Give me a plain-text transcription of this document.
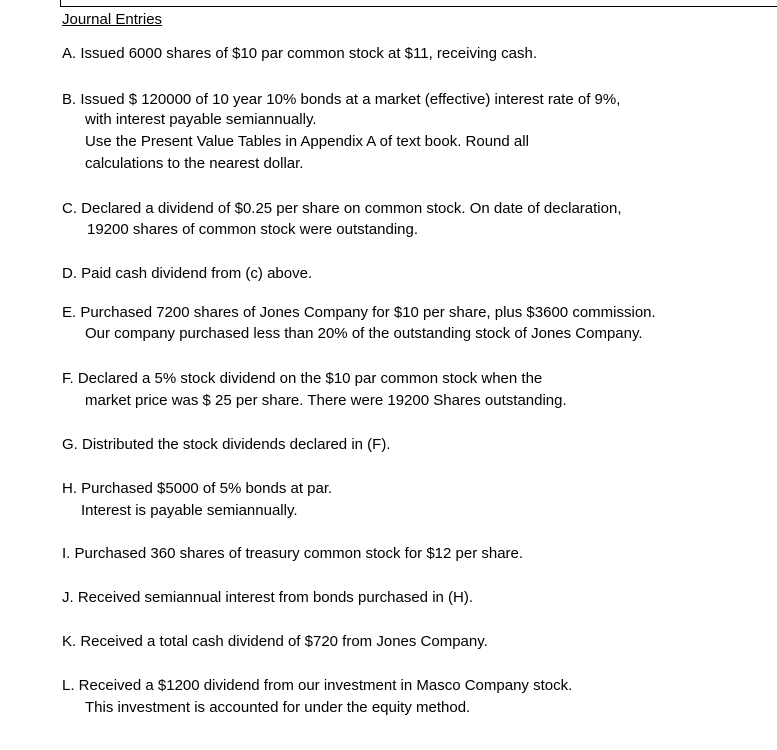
Journal Entries
A. Issued 6000 shares of $10 par common stock at $11, receiving cash.
B. Issued $ 120000 of 10 year 10% bonds at a market (effective) interest rate of 9%,
with interest payable semiannually.
Use the Present Value Tables in Appendix A of text book. Round all
calculations to the nearest dollar.
C. Declared a dividend of $0.25 per share on common stock. On date of declaration,
19200 shares of common stock were outstanding.
D. Paid cash dividend from (c) above.
E. Purchased 7200 shares of Jones Company for $10 per share, plus $3600 commission.
Our company purchased less than 20% of the outstanding stock of Jones Company.
F. Declared a 5% stock dividend on the $10 par common stock when the
market price was $ 25 per share. There were 19200 Shares outstanding.
G. Distributed the stock dividends declared in (F).
H. Purchased $5000 of 5% bonds at par.
Interest is payable semiannually.
I. Purchased 360 shares of treasury common stock for $12 per share.
J. Received semiannual interest from bonds purchased in (H).
K. Received a total cash dividend of $720 from Jones Company.
L. Received a $1200 dividend from our investment in Masco Company stock.
This investment is accounted for under the equity method.
